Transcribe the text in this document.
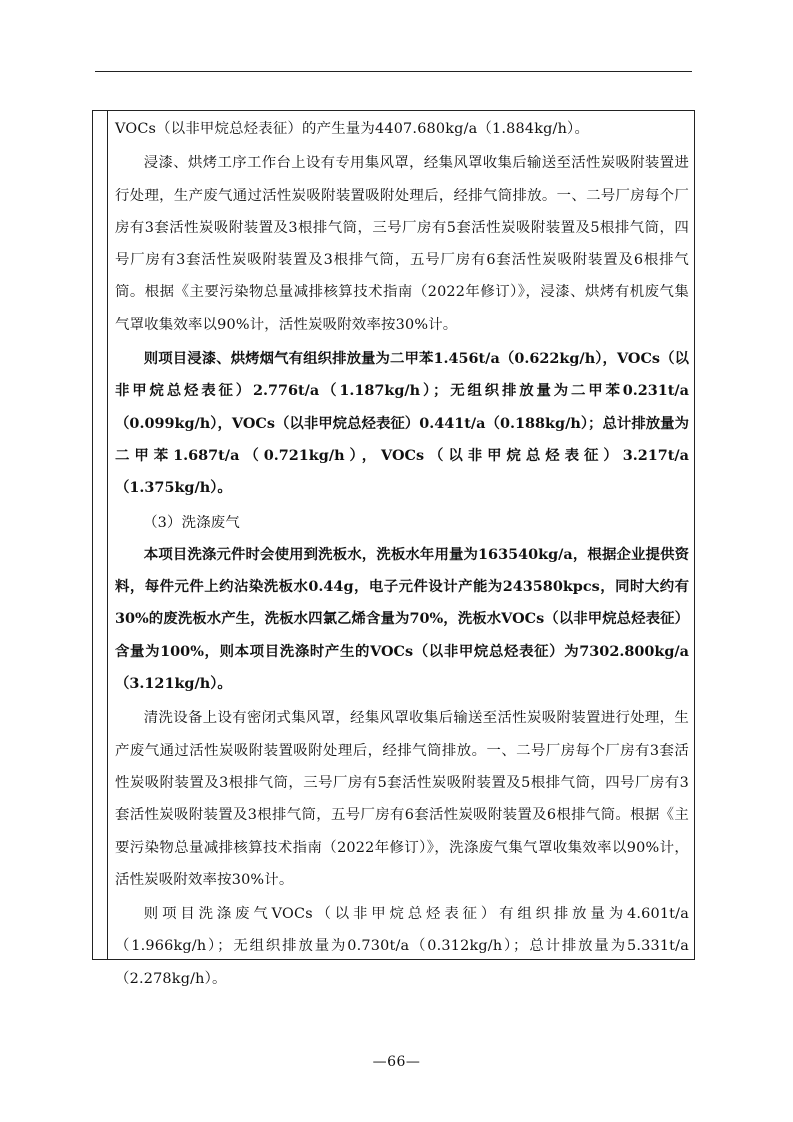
VOCs（以非甲烷总烃表征）的产生量为4407.680kg/a（1.884kg/h）。

浸漆、烘烤工序工作台上设有专用集风罩，经集风罩收集后输送至活性炭吸附装置进行处理，生产废气通过活性炭吸附装置吸附处理后，经排气筒排放。一、二号厂房每个厂房有3套活性炭吸附装置及3根排气筒，三号厂房有5套活性炭吸附装置及5根排气筒，四号厂房有3套活性炭吸附装置及3根排气筒，五号厂房有6套活性炭吸附装置及6根排气筒。根据《主要污染物总量减排核算技术指南（2022年修订）》，浸漆、烘烤有机废气集气罩收集效率以90%计，活性炭吸附效率按30%计。

则项目浸漆、烘烤烟气有组织排放量为二甲苯1.456t/a（0.622kg/h），VOCs（以非甲烷总烃表征）2.776t/a（1.187kg/h）；无组织排放量为二甲苯0.231t/a（0.099kg/h），VOCs（以非甲烷总烃表征）0.441t/a（0.188kg/h）；总计排放量为二甲苯1.687t/a（0.721kg/h），VOCs（以非甲烷总烃表征）3.217t/a（1.375kg/h）。

（3）洗涤废气

本项目洗涤元件时会使用到洗板水，洗板水年用量为163540kg/a，根据企业提供资料，每件元件上约沾染洗板水0.44g，电子元件设计产能为243580kpcs，同时大约有30%的废洗板水产生，洗板水四氯乙烯含量为70%，洗板水VOCs（以非甲烷总烃表征）含量为100%，则本项目洗涤时产生的VOCs（以非甲烷总烃表征）为7302.800kg/a（3.121kg/h）。

清洗设备上设有密闭式集风罩，经集风罩收集后输送至活性炭吸附装置进行处理，生产废气通过活性炭吸附装置吸附处理后，经排气筒排放。一、二号厂房每个厂房有3套活性炭吸附装置及3根排气筒，三号厂房有5套活性炭吸附装置及5根排气筒，四号厂房有3套活性炭吸附装置及3根排气筒，五号厂房有6套活性炭吸附装置及6根排气筒。根据《主要污染物总量减排核算技术指南（2022年修订）》，洗涤废气集气罩收集效率以90%计，活性炭吸附效率按30%计。

则项目洗涤废气VOCs（以非甲烷总烃表征）有组织排放量为4.601t/a（1.966kg/h）；无组织排放量为0.730t/a（0.312kg/h）；总计排放量为5.331t/a（2.278kg/h）。

—66—
